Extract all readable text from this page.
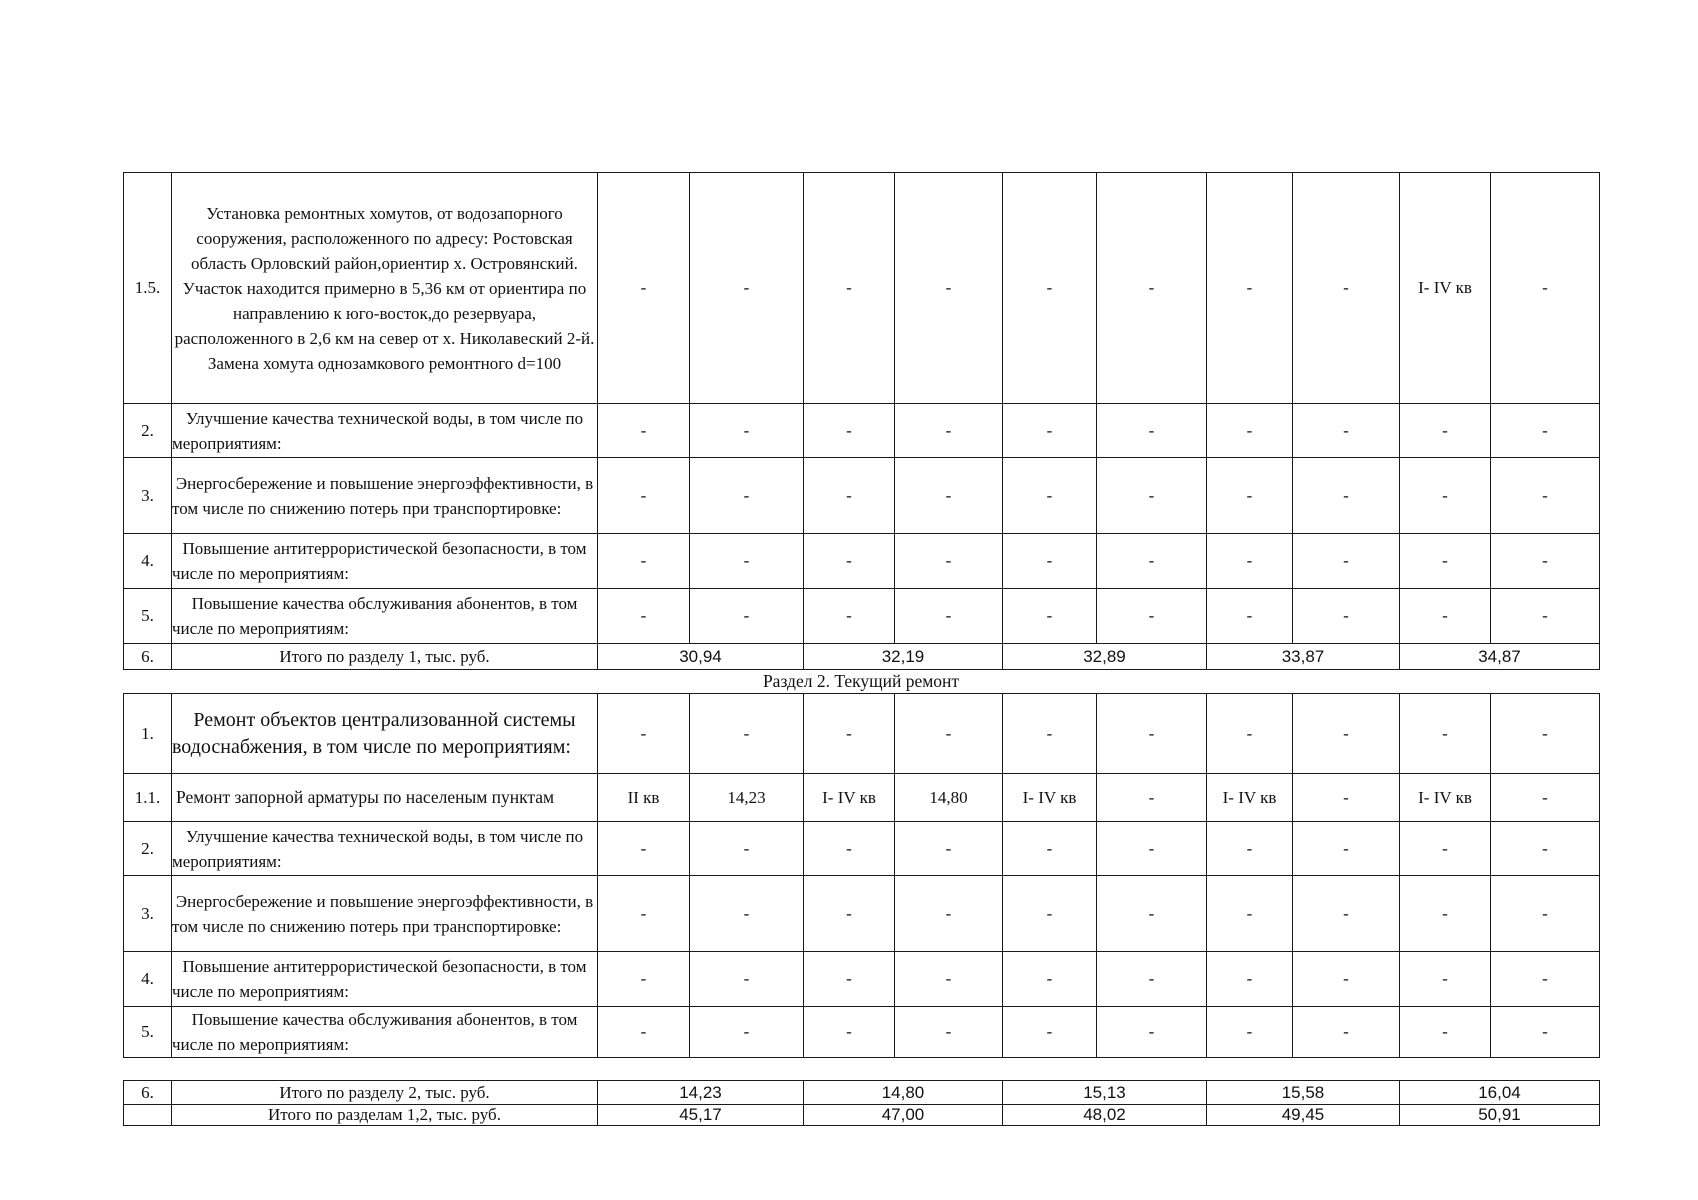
1.5.	Установка ремонтных хомутов, от водозапорного сооружения, расположенного по адресу: Ростовская область Орловский район,ориентир х. Островянский. Участок находится примерно в 5,36 км от ориентира по направлению к юго-восток,до резервуара, расположенного в 2,6 км на север от х. Николавеский 2-й. Замена хомута однозамкового ремонтного d=100	-	-	-	-	-	-	-	-	I- IV кв	-
2.	Улучшение качества технической воды, в том числе по мероприятиям:	-	-	-	-	-	-	-	-	-	-
3.	Энергосбережение и повышение энергоэффективности, в том числе по снижению потерь при транспортировке:	-	-	-	-	-	-	-	-	-	-
4.	Повышение антитеррористической безопасности, в том числе по мероприятиям:	-	-	-	-	-	-	-	-	-	-
5.	Повышение качества обслуживания абонентов, в том числе по мероприятиям:	-	-	-	-	-	-	-	-	-	-
6.	Итого по разделу 1, тыс. руб.	30,94		32,19		32,89		33,87		34,87	
Раздел 2. Текущий ремонт
1.	Ремонт объектов централизованной системы водоснабжения, в том числе по мероприятиям:	-	-	-	-	-	-	-	-	-	-
1.1.	Ремонт запорной арматуры по населеным пунктам	II кв	14,23	I- IV кв	14,80	I- IV кв	-	I- IV кв	-	I- IV кв	-
2.	Улучшение качества технической воды, в том числе по мероприятиям:	-	-	-	-	-	-	-	-	-	-
3.	Энергосбережение и повышение энергоэффективности, в том числе по снижению потерь при транспортировке:	-	-	-	-	-	-	-	-	-	-
4.	Повышение антитеррористической безопасности, в том числе по мероприятиям:	-	-	-	-	-	-	-	-	-	-
5.	Повышение качества обслуживания абонентов, в том числе по мероприятиям:	-	-	-	-	-	-	-	-	-	-
6.	Итого по разделу 2, тыс. руб.	14,23	14,80	15,13	15,58	16,04
	Итого по разделам 1,2, тыс. руб.	45,17	47,00	48,02	49,45	50,91
